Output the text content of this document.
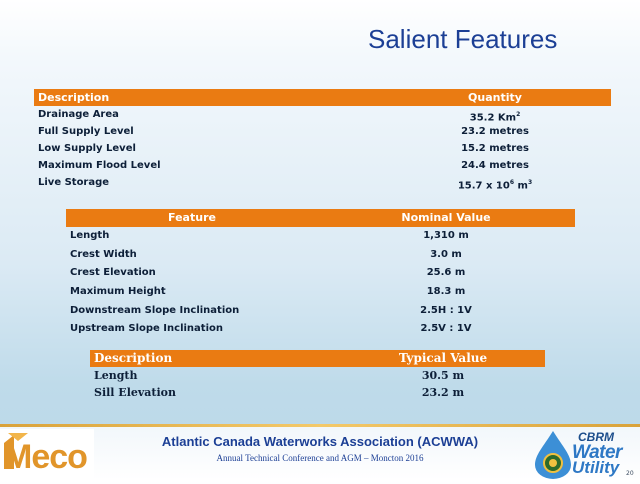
Salient Features
Description	Quantity
Drainage Area	35.2 Km$^2$
Full Supply Level	23.2 metres
Low Supply Level	15.2 metres
Maximum Flood Level	24.4 metres
Live Storage	15.7 x $10^6$ $m^3$
Feature	Nominal Value
Length	1,310 m
Crest Width	3.0 m
Crest Elevation	25.6 m
Maximum Height	18.3 m
Downstream Slope Inclination	2.5H : 1V
Upstream Slope Inclination	2.5V : 1V
Description	Typical Value
Length	30.5 m
Sill Elevation	23.2 m
Meco	Atlantic Canada Waterworks Association (ACWWA)
Annual Technical Conference and AGM – Moncton 2016
CBRM
Water
Utility 20
